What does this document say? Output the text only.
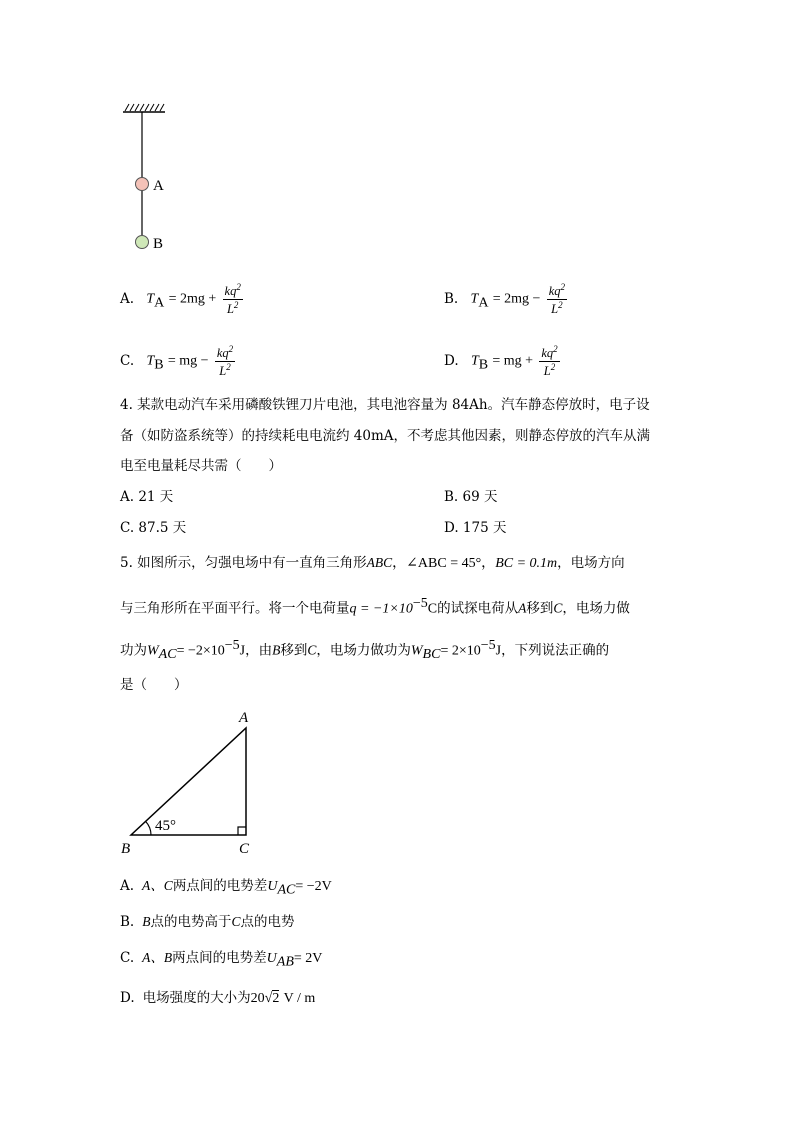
A
B
A. $T_A = 2mg + \frac{kq^2}{L^2}$	B. $T_A = 2mg - \frac{kq^2}{L^2}$
C. $T_B$ = mg − $\frac{kq^2}{L^2}$	D. $T_B$ = mg + $\frac{kq^2}{L^2}$
4. 某款电动汽车采用磷酸铁锂刀片电池，其电池容量为 84Ah。汽车静态停放时，电子设
备（如防盗系统等）的持续耗电电流约 40mA，不考虑其他因素，则静态停放的汽车从满
电至电量耗尽共需（　　）
A. 21 天	B. 69 天
C. 87.5 天	D. 175 天
5. 如图所示，匀强电场中有一直角三角形ABC，∠ABC = 45°，BC = 0.1m，电场方向
与三角形所在平面平行。将一个电荷量$q = -1\times 10^{-5}C$的试探电荷从A移到C，电场力做
功为$W_{AC}= -2\times 10^{-5}J$，由B移到C，电场力做功为$W_{BC}= 2\times 10^{-5}J$，下列说法正确的
是（　　）
45°
A
B	C
A. A、C两点间的电势差$U_{AC}= -2V$
B. B点的电势高于C点的电势
C. A、B两点间的电势差$U_{AB}= 2V$
D. 电场强度的大小为20√2 V / m
